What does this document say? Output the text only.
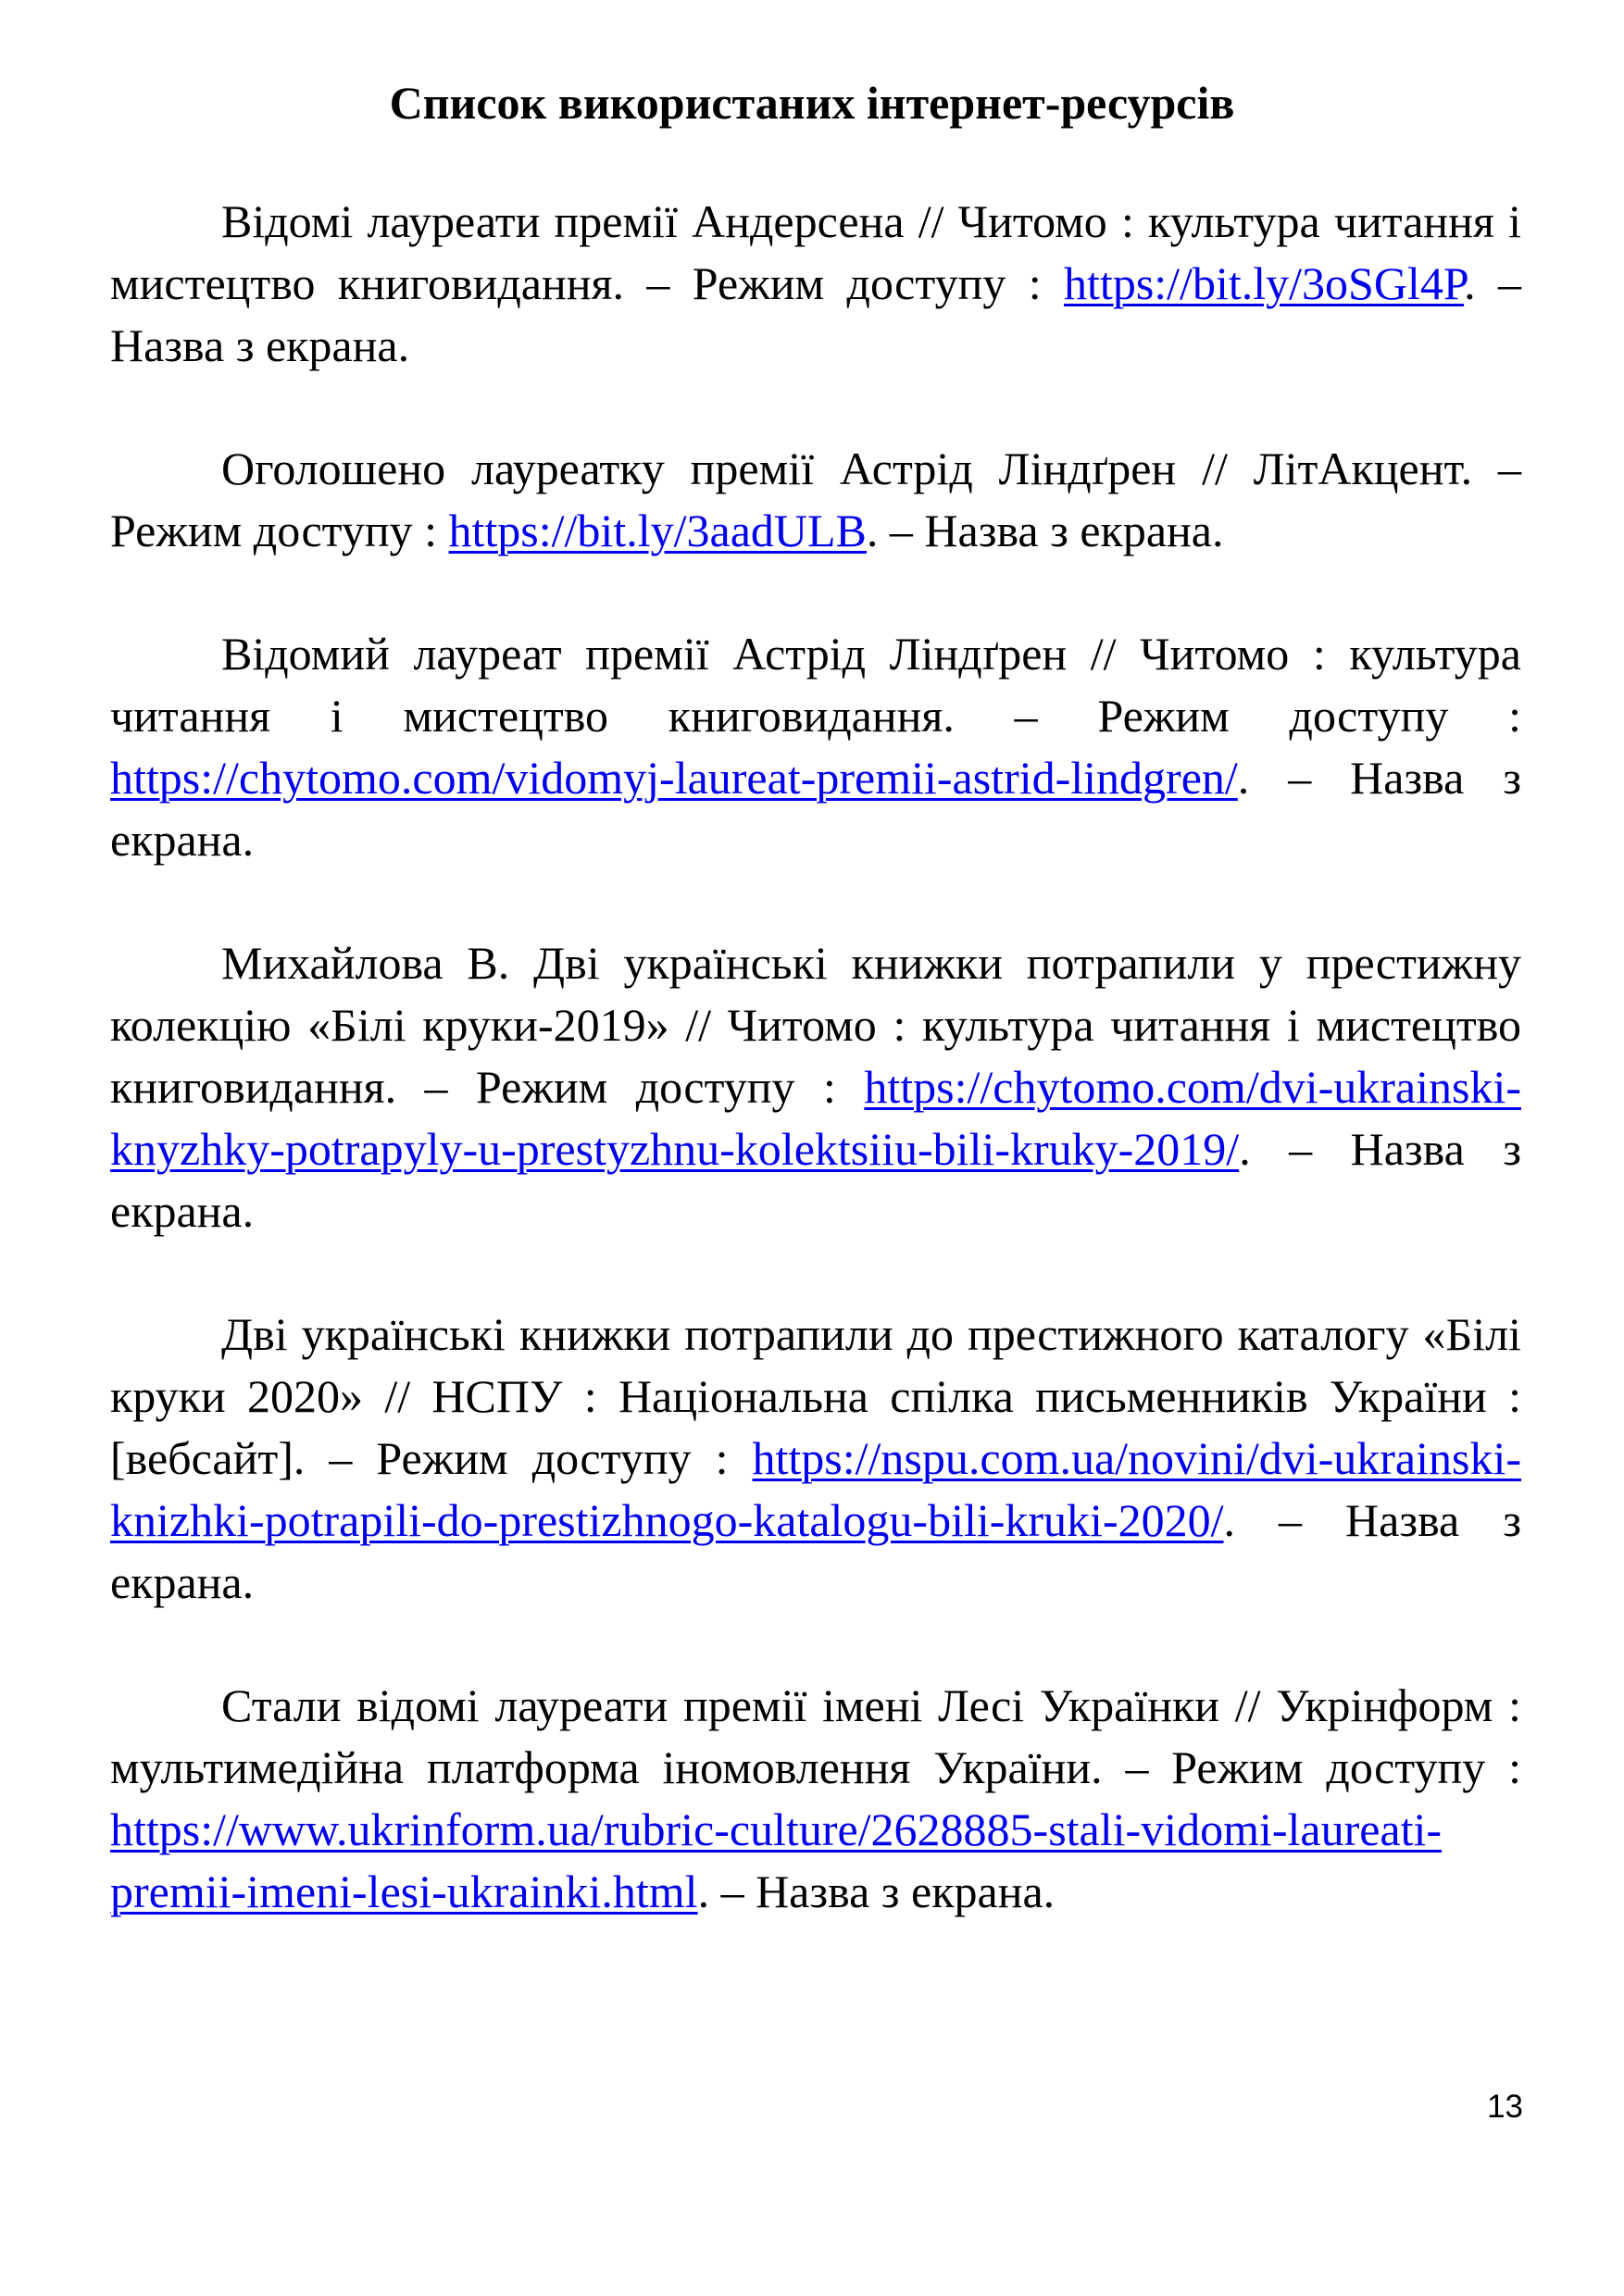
Список використаних інтернет-ресурсів

Відомі лауреати премії Андерсена // Читомо : культура читання і мистецтво книговидання. – Режим доступу : https://bit.ly/3oSGl4P. – Назва з екрана.

Оголошено лауреатку премії Астрід Ліндґрен // ЛітАкцент. – Режим доступу : https://bit.ly/3aadULB. – Назва з екрана.

Відомий лауреат премії Астрід Ліндґрен // Читомо : культура читання і мистецтво книговидання. – Режим доступу : https://chytomo.com/vidomyj-laureat-premii-astrid-lindgren/. – Назва з екрана.

Михайлова В. Дві українські книжки потрапили у престижну колекцію «Білі круки-2019» // Читомо : культура читання і мистецтво книговидання. – Режим доступу : https://chytomo.com/dvi-ukrainski-knyzhky-potrapyly-u-prestyzhnu-kolektsiiu-bili-kruky-2019/. – Назва з екрана.

Дві українські книжки потрапили до престижного каталогу «Білі круки 2020» // НСПУ : Національна спілка письменників України : [вебсайт]. – Режим доступу : https://nspu.com.ua/novini/dvi-ukrainski-knizhki-potrapili-do-prestizhnogo-katalogu-bili-kruki-2020/. – Назва з екрана.

Стали відомі лауреати премії імені Лесі Українки // Укрінформ : мультимедійна платформа іномовлення України. – Режим доступу : https://www.ukrinform.ua/rubric-culture/2628885-stali-vidomi-laureati-premii-imeni-lesi-ukrainki.html. – Назва з екрана.

13
